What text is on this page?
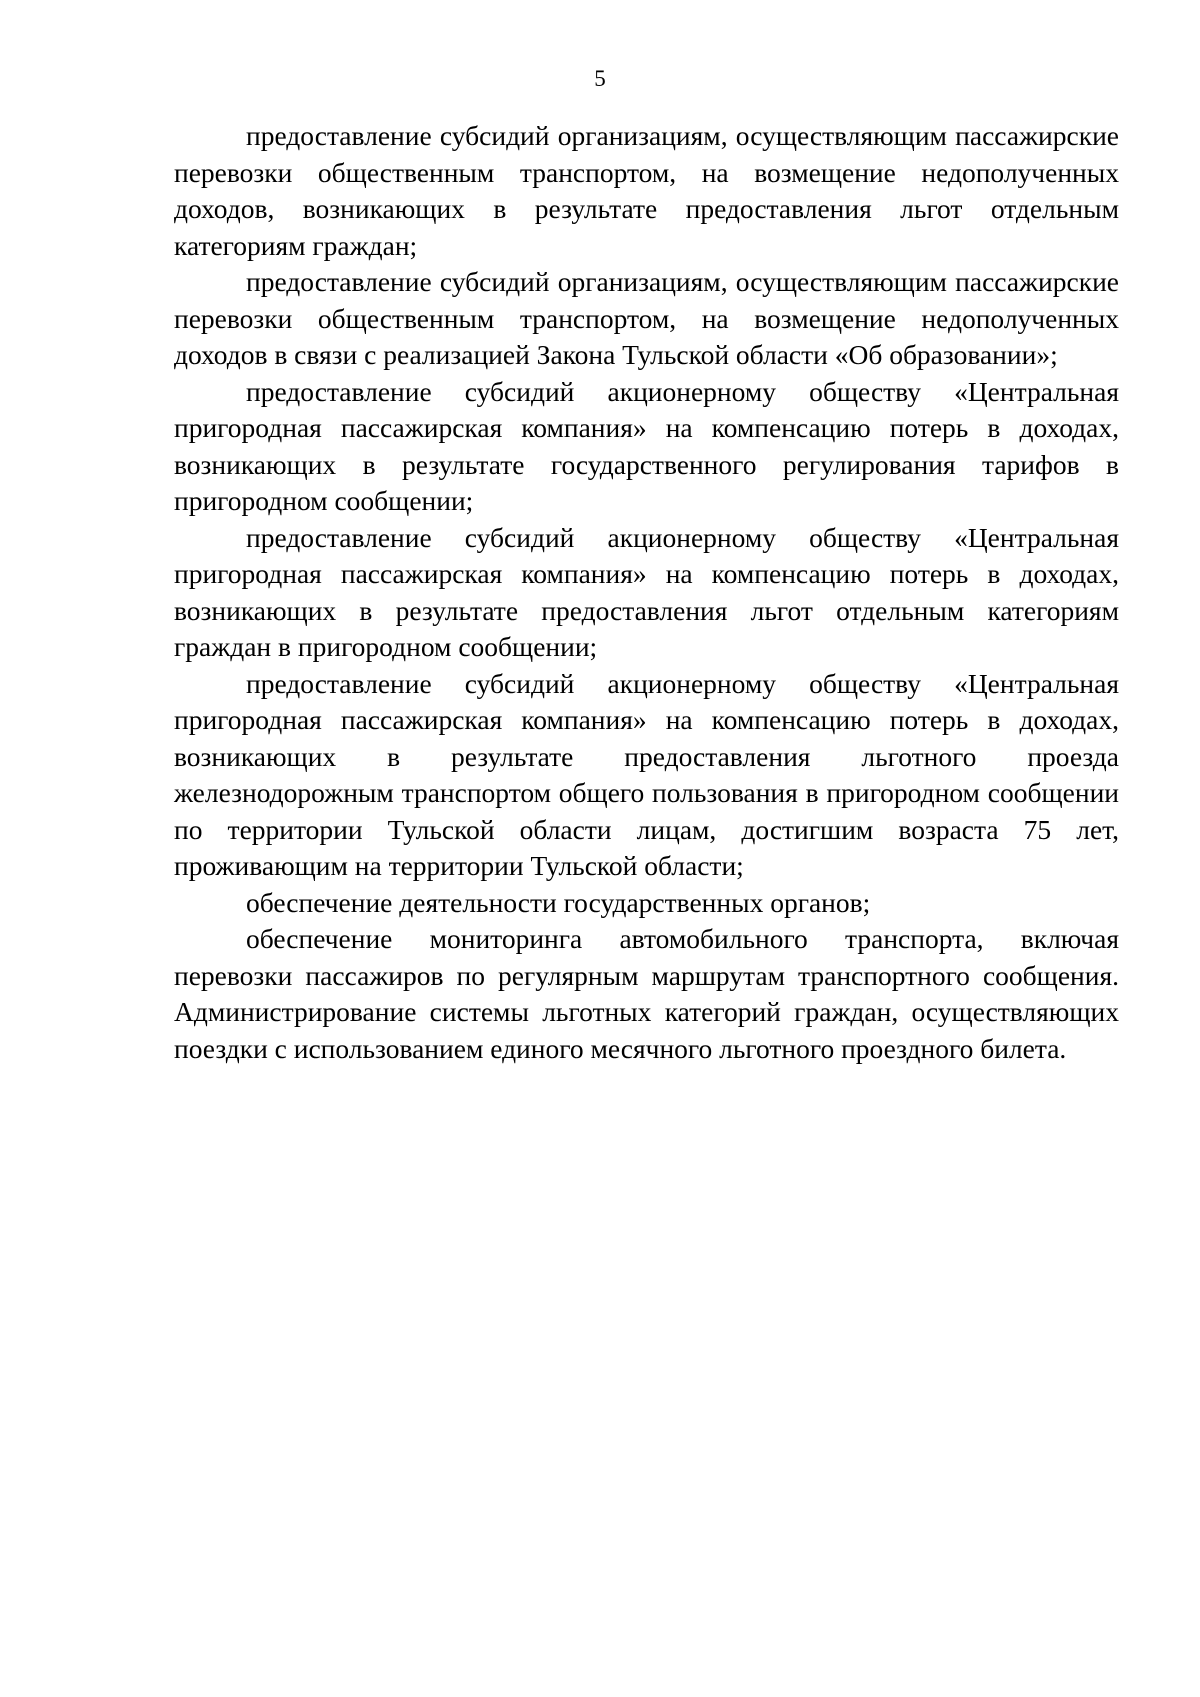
5

предоставление субсидий организациям, осуществляющим пассажирские перевозки общественным транспортом, на возмещение недополученных доходов, возникающих в результате предоставления льгот отдельным категориям граждан;

предоставление субсидий организациям, осуществляющим пассажирские перевозки общественным транспортом, на возмещение недополученных доходов в связи с реализацией Закона Тульской области «Об образовании»;

предоставление субсидий акционерному обществу «Центральная пригородная пассажирская компания» на компенсацию потерь в доходах, возникающих в результате государственного регулирования тарифов в пригородном сообщении;

предоставление субсидий акционерному обществу «Центральная пригородная пассажирская компания» на компенсацию потерь в доходах, возникающих в результате предоставления льгот отдельным категориям граждан в пригородном сообщении;

предоставление субсидий акционерному обществу «Центральная пригородная пассажирская компания» на компенсацию потерь в доходах, возникающих в результате предоставления льготного проезда железнодорожным транспортом общего пользования в пригородном сообщении по территории Тульской области лицам, достигшим возраста 75 лет, проживающим на территории Тульской области;

обеспечение деятельности государственных органов;

обеспечение мониторинга автомобильного транспорта, включая перевозки пассажиров по регулярным маршрутам транспортного сообщения. Администрирование системы льготных категорий граждан, осуществляющих поездки с использованием единого месячного льготного проездного билета.
